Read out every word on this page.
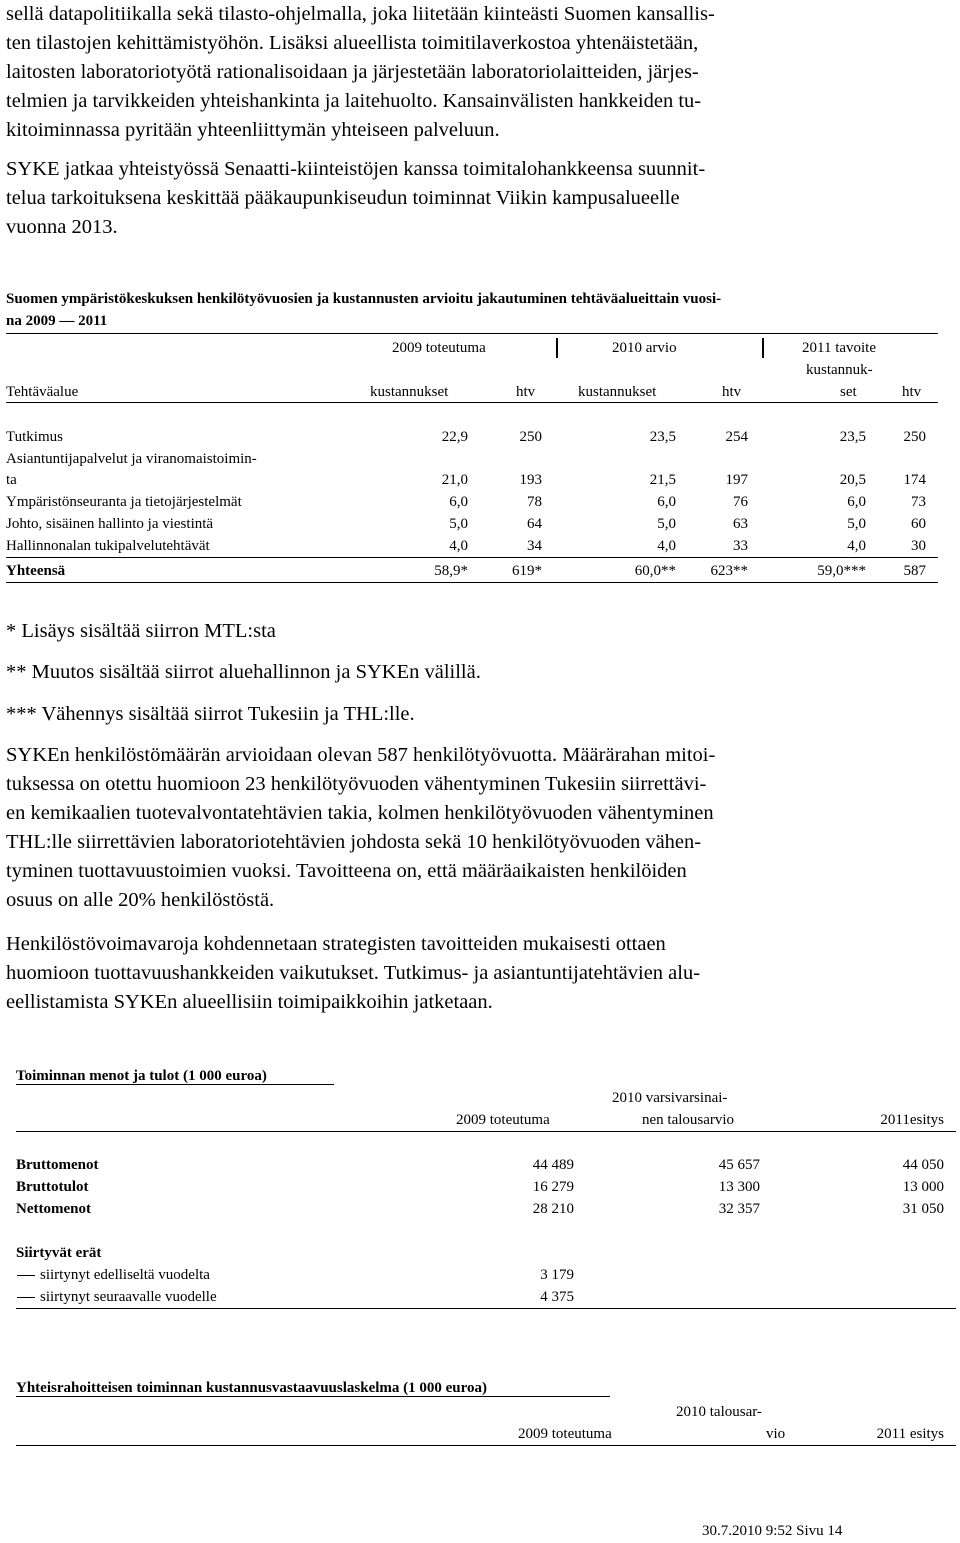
sellä datapolitiikalla sekä tilasto-ohjelmalla, joka liitetään kiinteästi Suomen kansallis-
ten tilastojen kehittämistyöhön. Lisäksi alueellista toimitilaverkostoa yhtenäistetään,
laitosten laboratoriotyötä rationalisoidaan ja järjestetään laboratoriolaitteiden, järjes-
telmien ja tarvikkeiden yhteishankinta ja laitehuolto. Kansainvälisten hankkeiden tu-
kitoiminnassa pyritään yhteenliittymän yhteiseen palveluun.
SYKE jatkaa yhteistyössä Senaatti-kiinteistöjen kanssa toimitalohankkeensa suunnit-
telua tarkoituksena keskittää pääkaupunkiseudun toiminnat Viikin kampusalueelle
vuonna 2013.
Suomen ympäristökeskuksen henkilötyövuosien ja kustannusten arvioitu jakautuminen tehtäväalueittain vuosi-
na 2009 — 2011
2009 toteutuma	2010 arvio	2011 tavoite
kustannuk-
Tehtäväalue	kustannukset	htv	kustannukset	htv	set	htv
Tutkimus	22,9	250	23,5	254	23,5	250
Asiantuntijapalvelut ja viranomaistoimin-
ta	21,0	193	21,5	197	20,5	174
Ympäristönseuranta ja tietojärjestelmät	6,0	78	6,0	76	6,0	73
Johto, sisäinen hallinto ja viestintä	5,0	64	5,0	63	5,0	60
Hallinnonalan tukipalvelutehtävät	4,0	34	4,0	33	4,0	30
Yhteensä	58,9*	619*	60,0**	623**	59,0***	587
* Lisäys sisältää siirron MTL:sta
** Muutos sisältää siirrot aluehallinnon ja SYKEn välillä.
*** Vähennys sisältää siirrot Tukesiin ja THL:lle.
SYKEn henkilöstömäärän arvioidaan olevan 587 henkilötyövuotta. Määrärahan mitoi-
tuksessa on otettu huomioon 23 henkilötyövuoden vähentyminen Tukesiin siirrettävi-
en kemikaalien tuotevalvontatehtävien takia, kolmen henkilötyövuoden vähentyminen
THL:lle siirrettävien laboratoriotehtävien johdosta sekä 10 henkilötyövuoden vähen-
tyminen tuottavuustoimien vuoksi. Tavoitteena on, että määräaikaisten henkilöiden
osuus on alle 20% henkilöstöstä.
Henkilöstövoimavaroja kohdennetaan strategisten tavoitteiden mukaisesti ottaen
huomioon tuottavuushankkeiden vaikutukset. Tutkimus- ja asiantuntijatehtävien alu-
eellistamista SYKEn alueellisiin toimipaikkoihin jatketaan.
Toiminnan menot ja tulot (1 000 euroa)
2009 toteutuma
2010 varsivarsinai-
nen talousarvio	2011esitys
Bruttomenot	44 489	45 657	44 050
Bruttotulot	16 279	13 300	13 000
Nettomenot	28 210	32 357	31 050
Siirtyvät erät
siirtynyt edelliseltä vuodelta	3 179
siirtynyt seuraavalle vuodelle	4 375
Yhteisrahoitteisen toiminnan kustannusvastaavuuslaskelma (1 000 euroa)
2009 toteutuma
2010 talousar-
vio	2011 esitys
30.7.2010 9:52 Sivu 14
